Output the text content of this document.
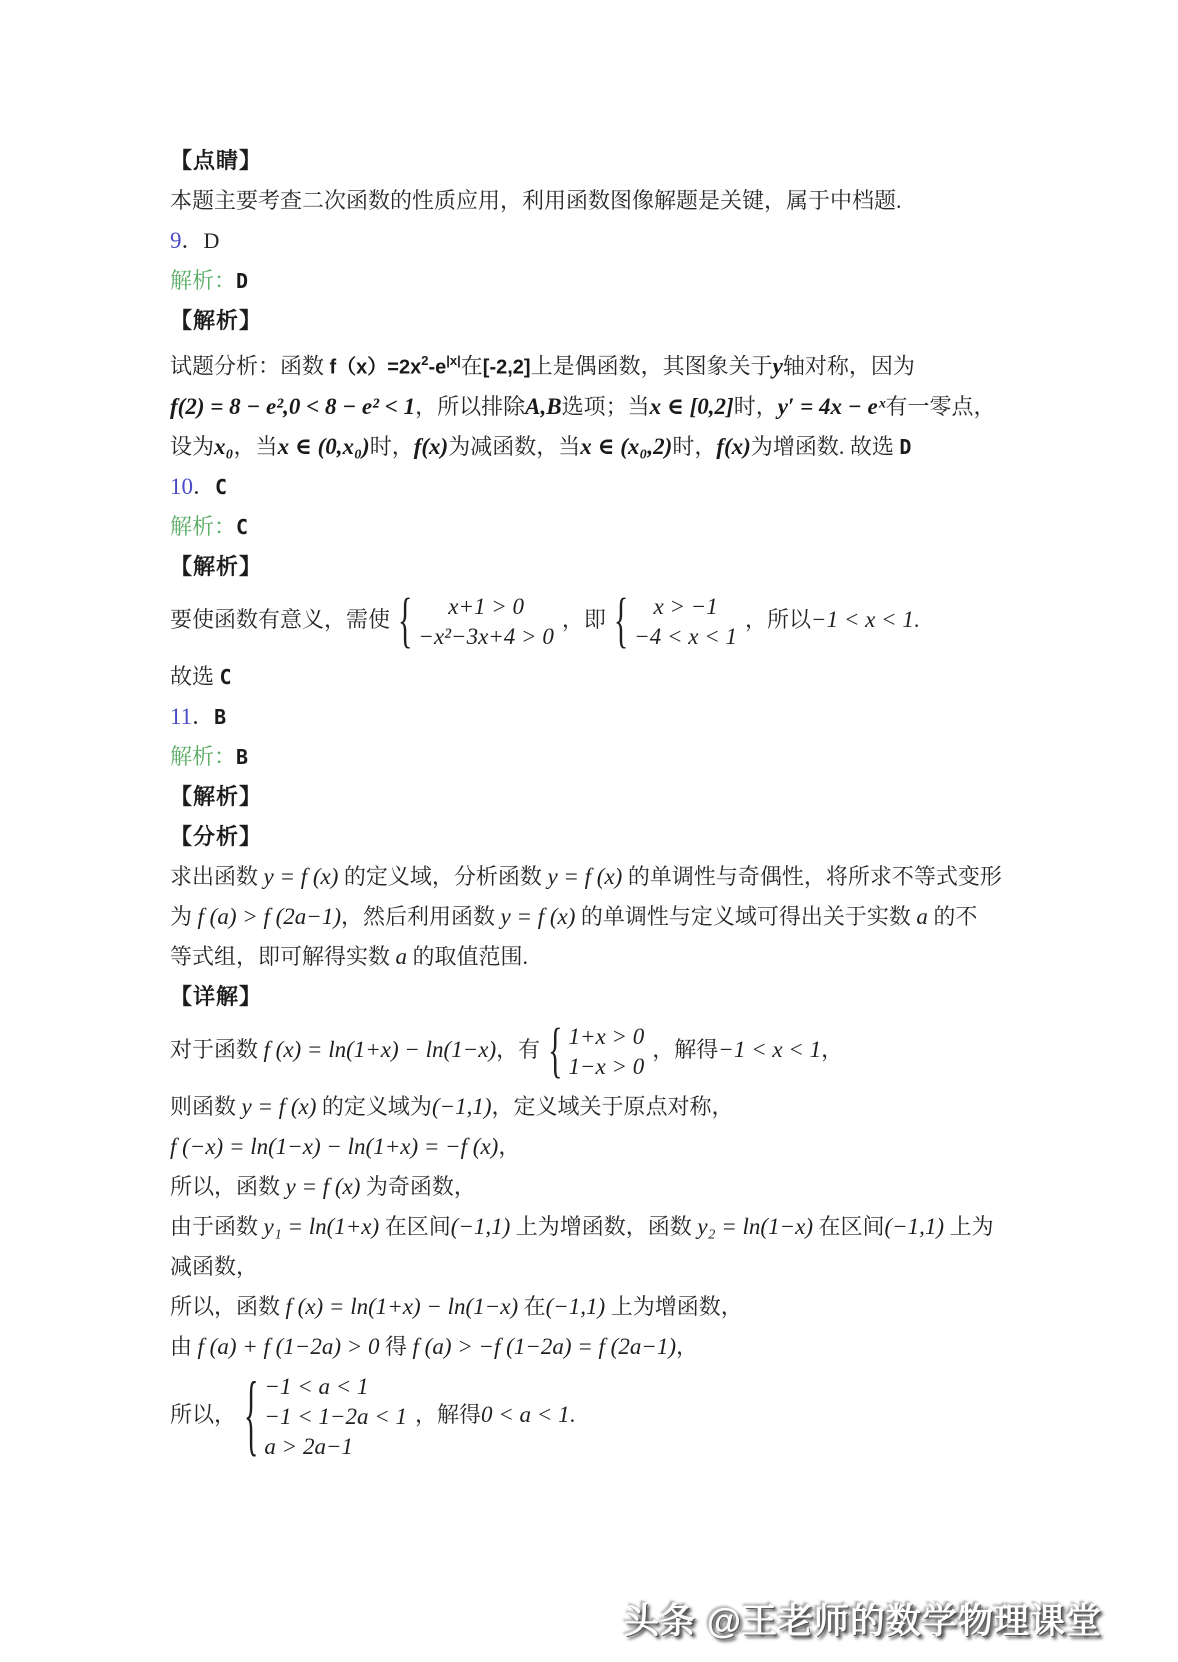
【点睛】
本题主要考查二次函数的性质应用，利用函数图像解题是关键，属于中档题.
9．D
解析：D
【解析】
试题分析：函数 $f(x)=2x^2-e^{|x|}$在[-2,2]上是偶函数，其图象关于y轴对称，因为
f(2) = 8 − e²,0 < 8 − e² < 1，所以排除A,B选项；当x ∈ [0,2]时，y′ = 4x − eˣ有一零点，
设为x₀，当x ∈ (0,x₀)时，f(x)为减函数，当x ∈ (x₀,2)时，f(x)为增函数. 故选 D
10．C
解析：C
【解析】
要使函数有意义，需使 { x+1 > 0
−x²−3x+4 > 0
，即 { x > −1
−4 < x < 1
，所以−1 < x < 1.
故选 C
11．B
解析：B
【解析】
【分析】
求出函数 y = f (x) 的定义域，分析函数 y = f (x) 的单调性与奇偶性，将所求不等式变形
为 f (a) > f (2a−1)，然后利用函数 y = f (x) 的单调性与定义域可得出关于实数 a 的不
等式组，即可解得实数 a 的取值范围.
【详解】
对于函数 f (x) = ln(1+x) − ln(1−x)，有 { 1+x > 0
1−x > 0
，解得−1 < x < 1，
则函数 y = f (x) 的定义域为(−1,1)，定义域关于原点对称，
f (−x) = ln(1−x) − ln(1+x) = −f (x)，
所以，函数 y = f (x) 为奇函数，
由于函数 y₁ = ln(1+x) 在区间(−1,1) 上为增函数，函数 y₂ = ln(1−x) 在区间(−1,1) 上为
减函数，
所以，函数 f (x) = ln(1+x) − ln(1−x) 在(−1,1) 上为增函数，
由 f (a) + f (1−2a) > 0 得 f (a) > −f (1−2a) = f (2a−1)，
所以， { −1 < a < 1
−1 < 1−2a < 1
a > 2a−1
，解得0 < a < 1.
头条 @王老师的数学物理课堂
